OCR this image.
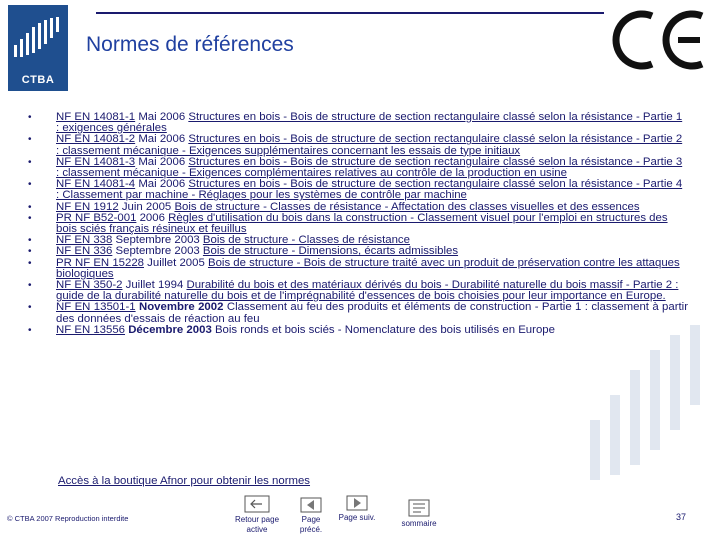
CTBA
Normes de références
• NF EN 14081-1 Mai 2006 Structures en bois - Bois de structure de section rectangulaire classé selon la résistance - Partie 1 : exigences générales
• NF EN 14081-2 Mai 2006 Structures en bois - Bois de structure de section rectangulaire classé selon la résistance - Partie 2 : classement mécanique - Exigences supplémentaires concernant les essais de type initiaux
• NF EN 14081-3 Mai 2006 Structures en bois - Bois de structure de section rectangulaire classé selon la résistance - Partie 3 : classement mécanique - Exigences complémentaires relatives au contrôle de la production en usine
• NF EN 14081-4 Mai 2006 Structures en bois - Bois de structure de section rectangulaire classé selon la résistance - Partie 4 : Classement par machine - Réglages pour les systèmes de contrôle par machine
• NF EN 1912 Juin 2005 Bois de structure - Classes de résistance - Affectation des classes visuelles et des essences
• PR NF B52-001 2006 Règles d'utilisation du bois dans la construction - Classement visuel pour l'emploi en structures des bois sciés français résineux et feuillus
• NF EN 338 Septembre 2003 Bois de structure - Classes de résistance
• NF EN 336 Septembre 2003 Bois de structure - Dimensions, écarts admissibles
• PR NF EN 15228 Juillet 2005 Bois de structure - Bois de structure traité avec un produit de préservation contre les attaques biologiques
• NF EN 350-2 Juillet 1994 Durabilité du bois et des matériaux dérivés du bois - Durabilité naturelle du bois massif - Partie 2 : guide de la durabilité naturelle du bois et de l'imprégnabilité d'essences de bois choisies pour leur importance en Europe.
• NF EN 13501-1 Novembre 2002 Classement au feu des produits et éléments de construction - Partie 1 : classement à partir des données d'essais de réaction au feu
• NF EN 13556 Décembre 2003 Bois ronds et bois sciés - Nomenclature des bois utilisés en Europe
Accès à la boutique Afnor pour obtenir les normes
© CTBA 2007 Reproduction interdite	Retour page active
Page précé.
Page suiv.
sommaire
37
